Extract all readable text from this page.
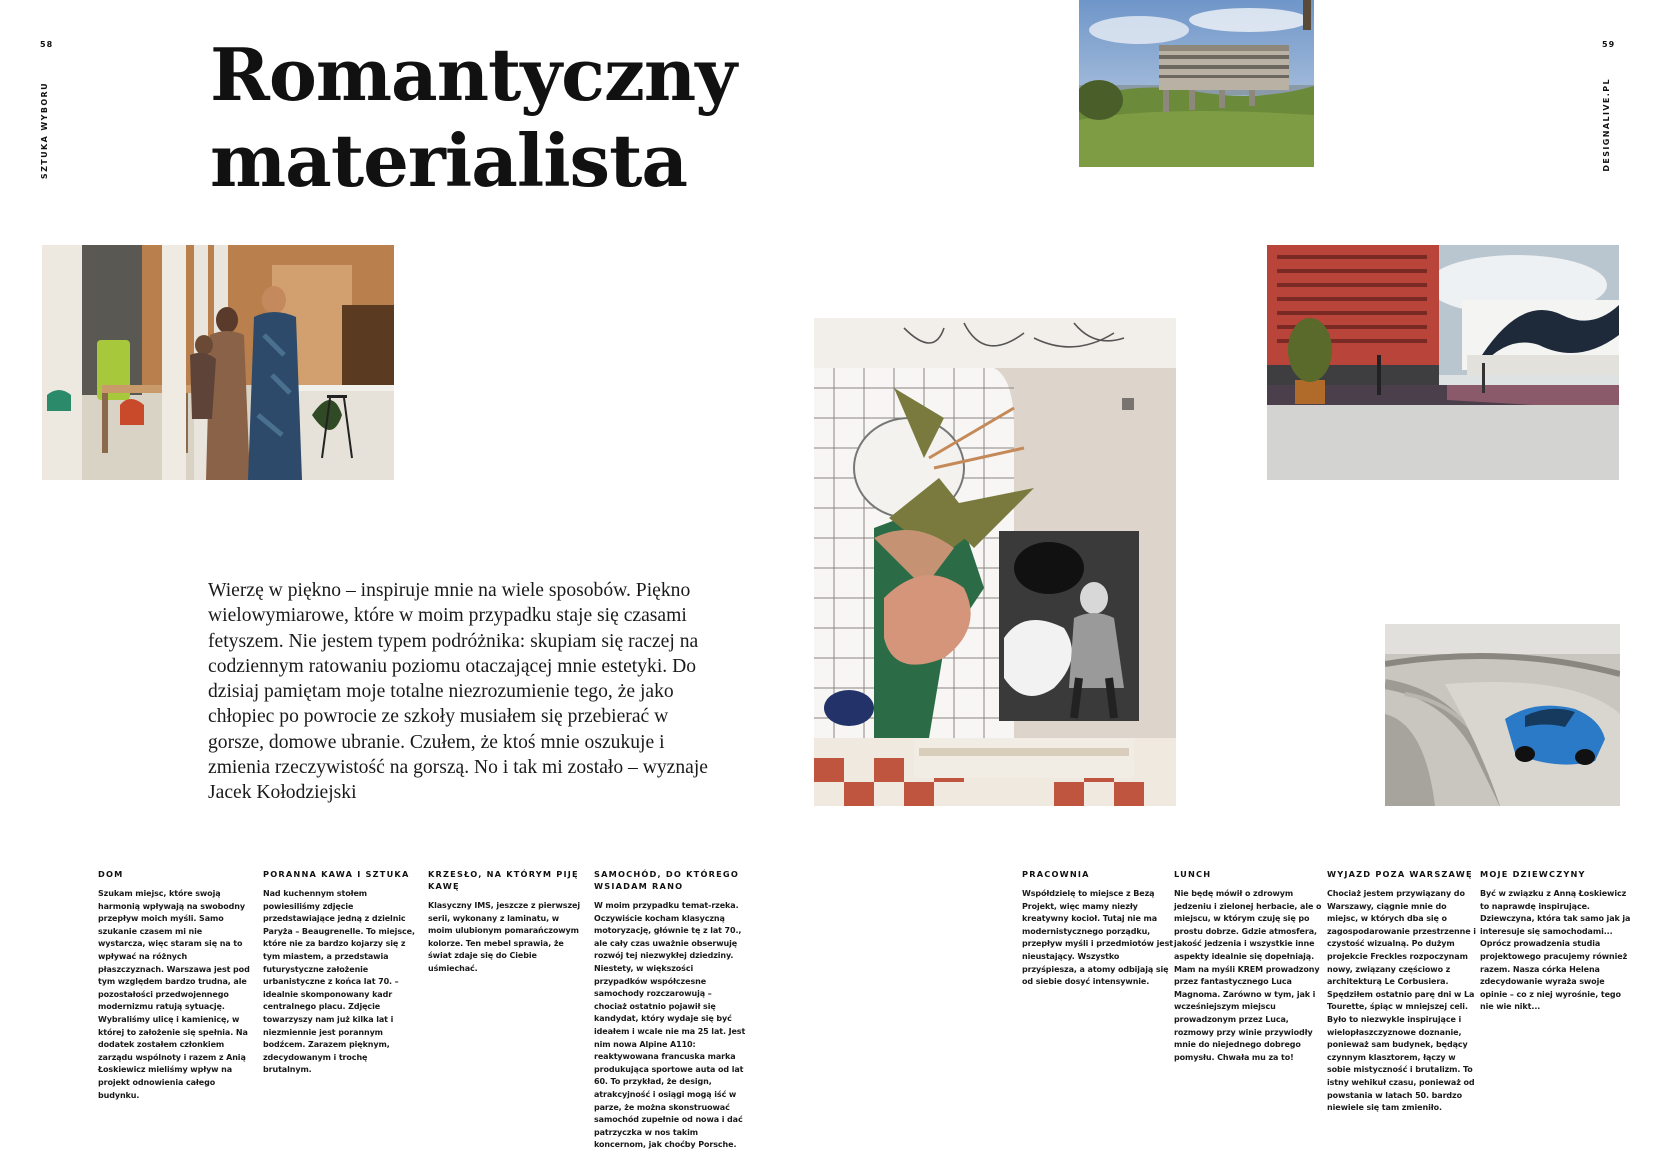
58
SZTUKA WYBORU
59
DESIGNALIVE.PL
Romantyczny
materialista
Wierzę w piękno – inspiruje mnie na wiele sposobów. Piękno wielowymiarowe, które w moim przypadku staje się czasami fetyszem. Nie jestem typem podróżnika: skupiam się raczej na codziennym ratowaniu poziomu otaczającej mnie estetyki. Do dzisiaj pamiętam moje totalne niezrozumienie tego, że jako chłopiec po powrocie ze szkoły musiałem się przebierać w gorsze, domowe ubranie. Czułem, że ktoś mnie oszukuje i zmienia rzeczywistość na gorszą. No i tak mi zostało – wyznaje Jacek Kołodziejski
DOM

Szukam miejsc, które swoją harmonią wpływają na swobodny przepływ moich myśli. Samo szukanie czasem mi nie wystarcza, więc staram się na to wpływać na różnych płaszczyznach. Warszawa jest pod tym względem bardzo trudna, ale pozostałości przedwojennego modernizmu ratują sytuację. Wybraliśmy ulicę i kamienicę, w której to założenie się spełnia. Na dodatek zostałem członkiem zarządu wspólnoty i razem z Anią Łoskiewicz mieliśmy wpływ na projekt odnowienia całego budynku.

PORANNA KAWA I SZTUKA

Nad kuchennym stołem powiesiliśmy zdjęcie przedstawiające jedną z dzielnic Paryża – Beaugrenelle. To miejsce, które nie za bardzo kojarzy się z tym miastem, a przedstawia futurystyczne założenie urbanistyczne z końca lat 70. – idealnie skomponowany kadr centralnego placu. Zdjęcie towarzyszy nam już kilka lat i niezmiennie jest porannym bodźcem. Zarazem pięknym, zdecydowanym i trochę brutalnym.

KRZESŁO, NA KTÓRYM PIJĘ KAWĘ

Klasyczny IMS, jeszcze z pierwszej serii, wykonany z laminatu, w moim ulubionym pomarańczowym kolorze. Ten mebel sprawia, że świat zdaje się do Ciebie uśmiechać.

SAMOCHÓD, DO KTÓREGO WSIADAM RANO

W moim przypadku temat-rzeka. Oczywiście kocham klasyczną motoryzację, głównie tę z lat 70., ale cały czas uważnie obserwuję rozwój tej niezwykłej dziedziny. Niestety, w większości przypadków współczesne samochody rozczarowują – chociaż ostatnio pojawił się kandydat, który wydaje się być ideałem i wcale nie ma 25 lat. Jest nim nowa Alpine A110: reaktywowana francuska marka produkująca sportowe auta od lat 60. To przykład, że design, atrakcyjność i osiągi mogą iść w parze, że można skonstruować samochód zupełnie od nowa i dać patrzyczka w nos takim koncernom, jak choćby Porsche.

PRACOWNIA

Współdzielę to miejsce z Bezą Projekt, więc mamy niezły kreatywny kocioł. Tutaj nie ma modernistycznego porządku, przepływ myśli i przedmiotów jest nieustający. Wszystko przyśpiesza, a atomy odbijają się od siebie dosyć intensywnie.

LUNCH

Nie będę mówił o zdrowym jedzeniu i zielonej herbacie, ale o miejscu, w którym czuję się po prostu dobrze. Gdzie atmosfera, jakość jedzenia i wszystkie inne aspekty idealnie się dopełniają. Mam na myśli KREM prowadzony przez fantastycznego Luca Magnoma. Zarówno w tym, jak i wcześniejszym miejscu prowadzonym przez Luca, rozmowy przy winie przywiodły mnie do niejednego dobrego pomysłu. Chwała mu za to!

WYJAZD POZA WARSZAWĘ

Chociaż jestem przywiązany do Warszawy, ciągnie mnie do miejsc, w których dba się o zagospodarowanie przestrzenne i czystość wizualną. Po dużym projekcie Freckles rozpoczynam nowy, związany częściowo z architekturą Le Corbusiera. Spędziłem ostatnio parę dni w La Tourette, śpiąc w mniejszej celi. Było to niezwykle inspirujące i wielopłaszczyznowe doznanie, ponieważ sam budynek, będący czynnym klasztorem, łączy w sobie mistyczność i brutalizm. To istny wehikuł czasu, ponieważ od powstania w latach 50. bardzo niewiele się tam zmieniło.

MOJE DZIEWCZYNY

Być w związku z Anną Łoskiewicz to naprawdę inspirujące. Dziewczyna, która tak samo jak ja interesuje się samochodami... Oprócz prowadzenia studia projektowego pracujemy również razem. Nasza córka Helena zdecydowanie wyraża swoje opinie – co z niej wyrośnie, tego nie wie nikt...
